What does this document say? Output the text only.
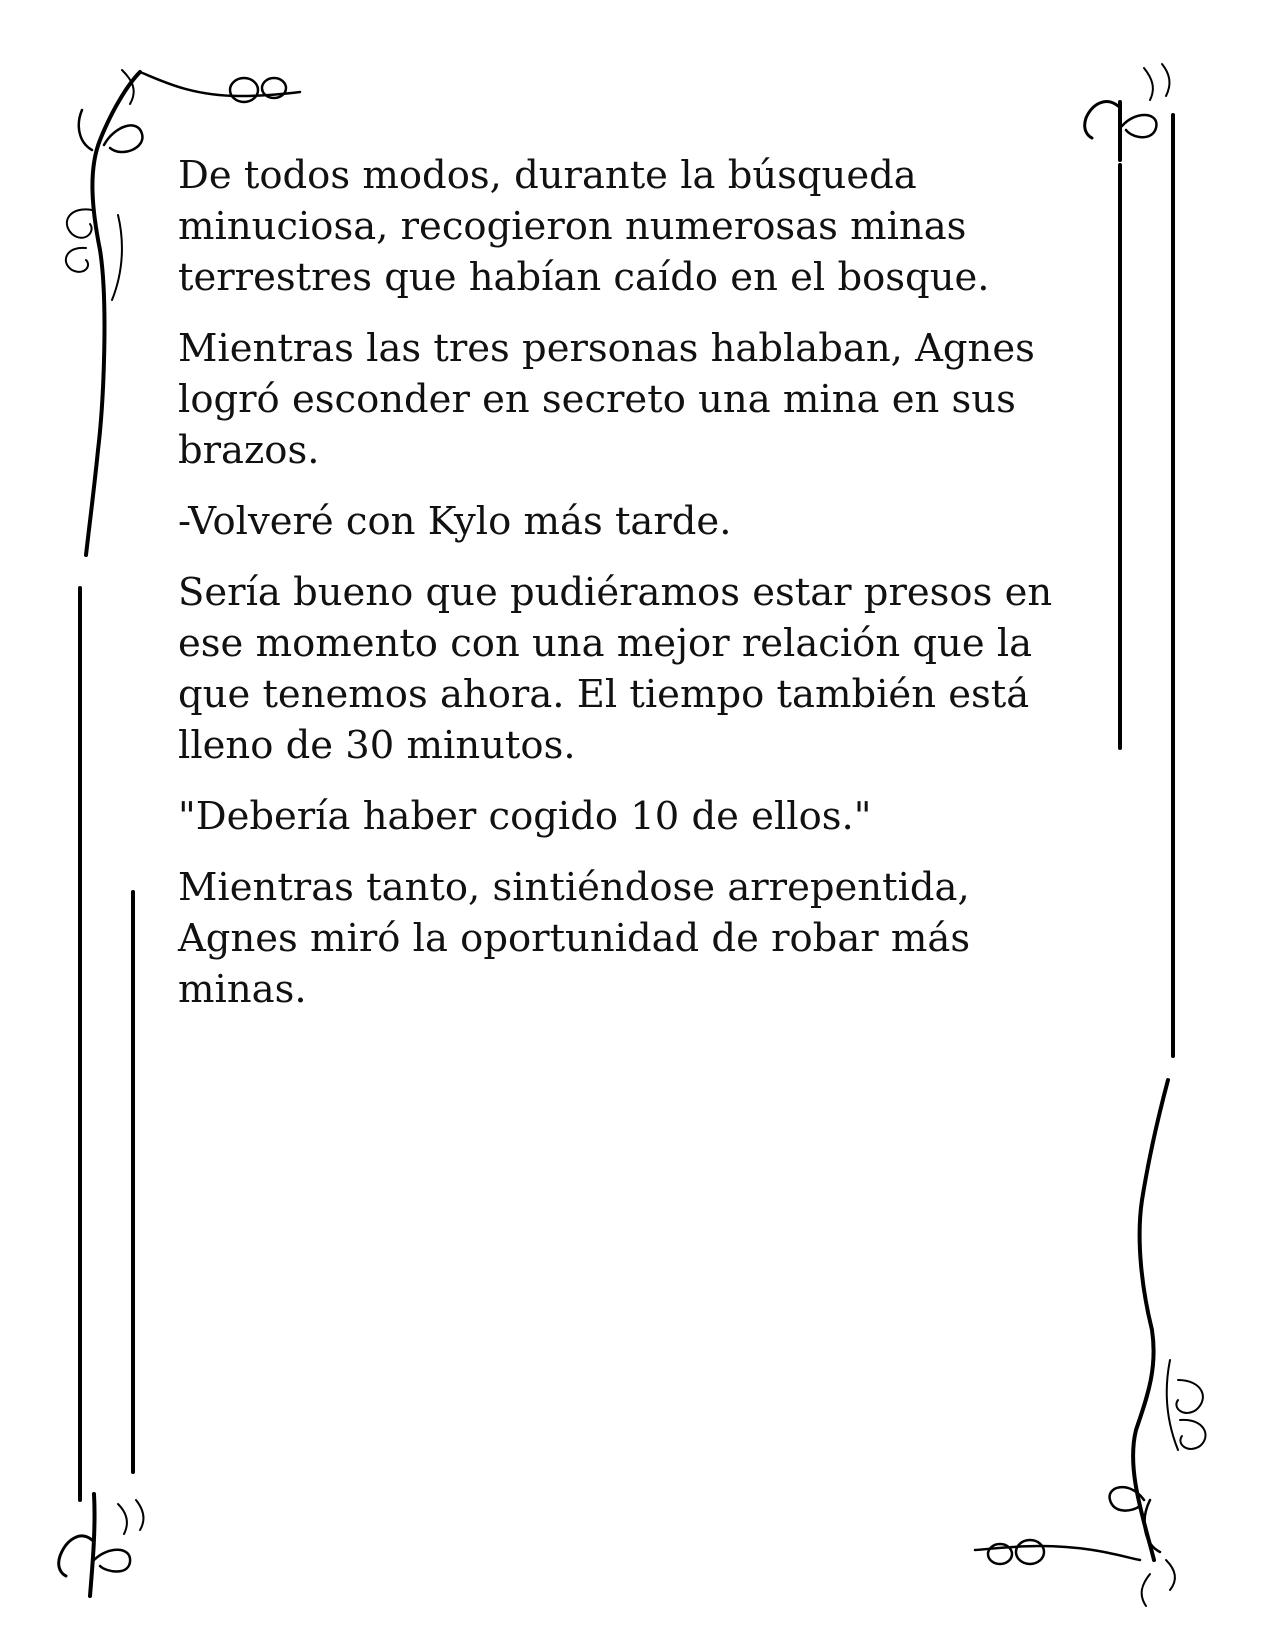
De todos modos, durante la búsqueda minuciosa, recogieron numerosas minas terrestres que habían caído en el bosque.

Mientras las tres personas hablaban, Agnes logró esconder en secreto una mina en sus brazos.

-Volveré con Kylo más tarde.

Sería bueno que pudiéramos estar presos en ese momento con una mejor relación que la que tenemos ahora. El tiempo también está lleno de 30 minutos.

"Debería haber cogido 10 de ellos."

Mientras tanto, sintiéndose arrepentida, Agnes miró la oportunidad de robar más minas.
